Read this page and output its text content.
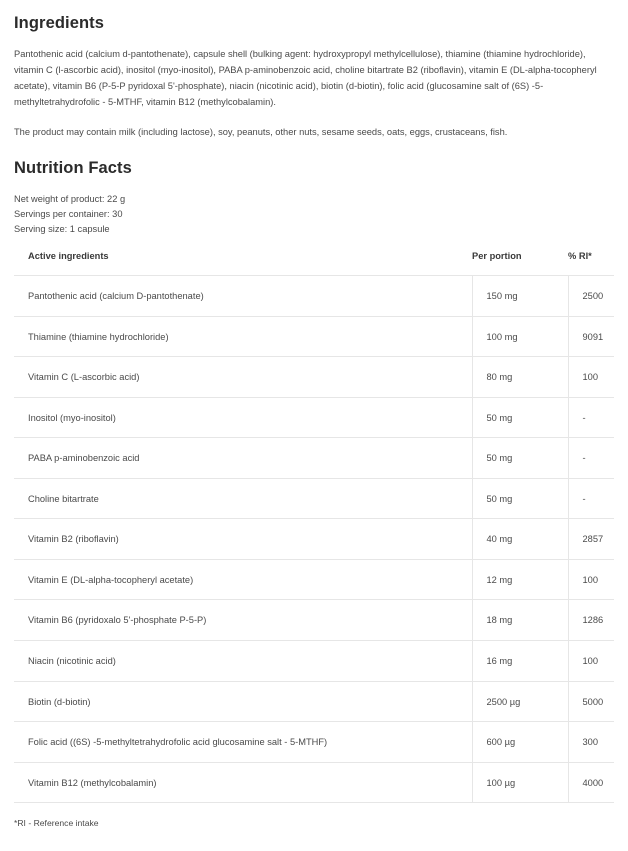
Ingredients

Pantothenic acid (calcium d-pantothenate), capsule shell (bulking agent: hydroxypropyl methylcellulose), thiamine (thiamine hydrochloride), vitamin C (l-ascorbic acid), inositol (myo-inositol), PABA p-aminobenzoic acid, choline bitartrate B2 (riboflavin), vitamin E (DL-alpha-tocopheryl acetate), vitamin B6 (P-5-P pyridoxal 5'-phosphate), niacin (nicotinic acid), biotin (d-biotin), folic acid (glucosamine salt of (6S) -5-methyltetrahydrofolic - 5-MTHF, vitamin B12 (methylcobalamin).

The product may contain milk (including lactose), soy, peanuts, other nuts, sesame seeds, oats, eggs, crustaceans, fish.

Nutrition Facts
Net weight of product: 22 g
Servings per container: 30
Serving size: 1 capsule
Active ingredients	Per portion	% RI*
Pantothenic acid (calcium D-pantothenate)	150 mg	2500
Thiamine (thiamine hydrochloride)	100 mg	9091
Vitamin C (L-ascorbic acid)	80 mg	100
Inositol (myo-inositol)	50 mg	-
PABA p-aminobenzoic acid	50 mg	-
Choline bitartrate	50 mg	-
Vitamin B2 (riboflavin)	40 mg	2857
Vitamin E (DL-alpha-tocopheryl acetate)	12 mg	100
Vitamin B6 (pyridoxalo 5'-phosphate P-5-P)	18 mg	1286
Niacin (nicotinic acid)	16 mg	100
Biotin (d-biotin)	2500 µg	5000
Folic acid ((6S) -5-methyltetrahydrofolic acid glucosamine salt - 5-MTHF)	600 µg	300
Vitamin B12 (methylcobalamin)	100 µg	4000
*RI - Reference intake
